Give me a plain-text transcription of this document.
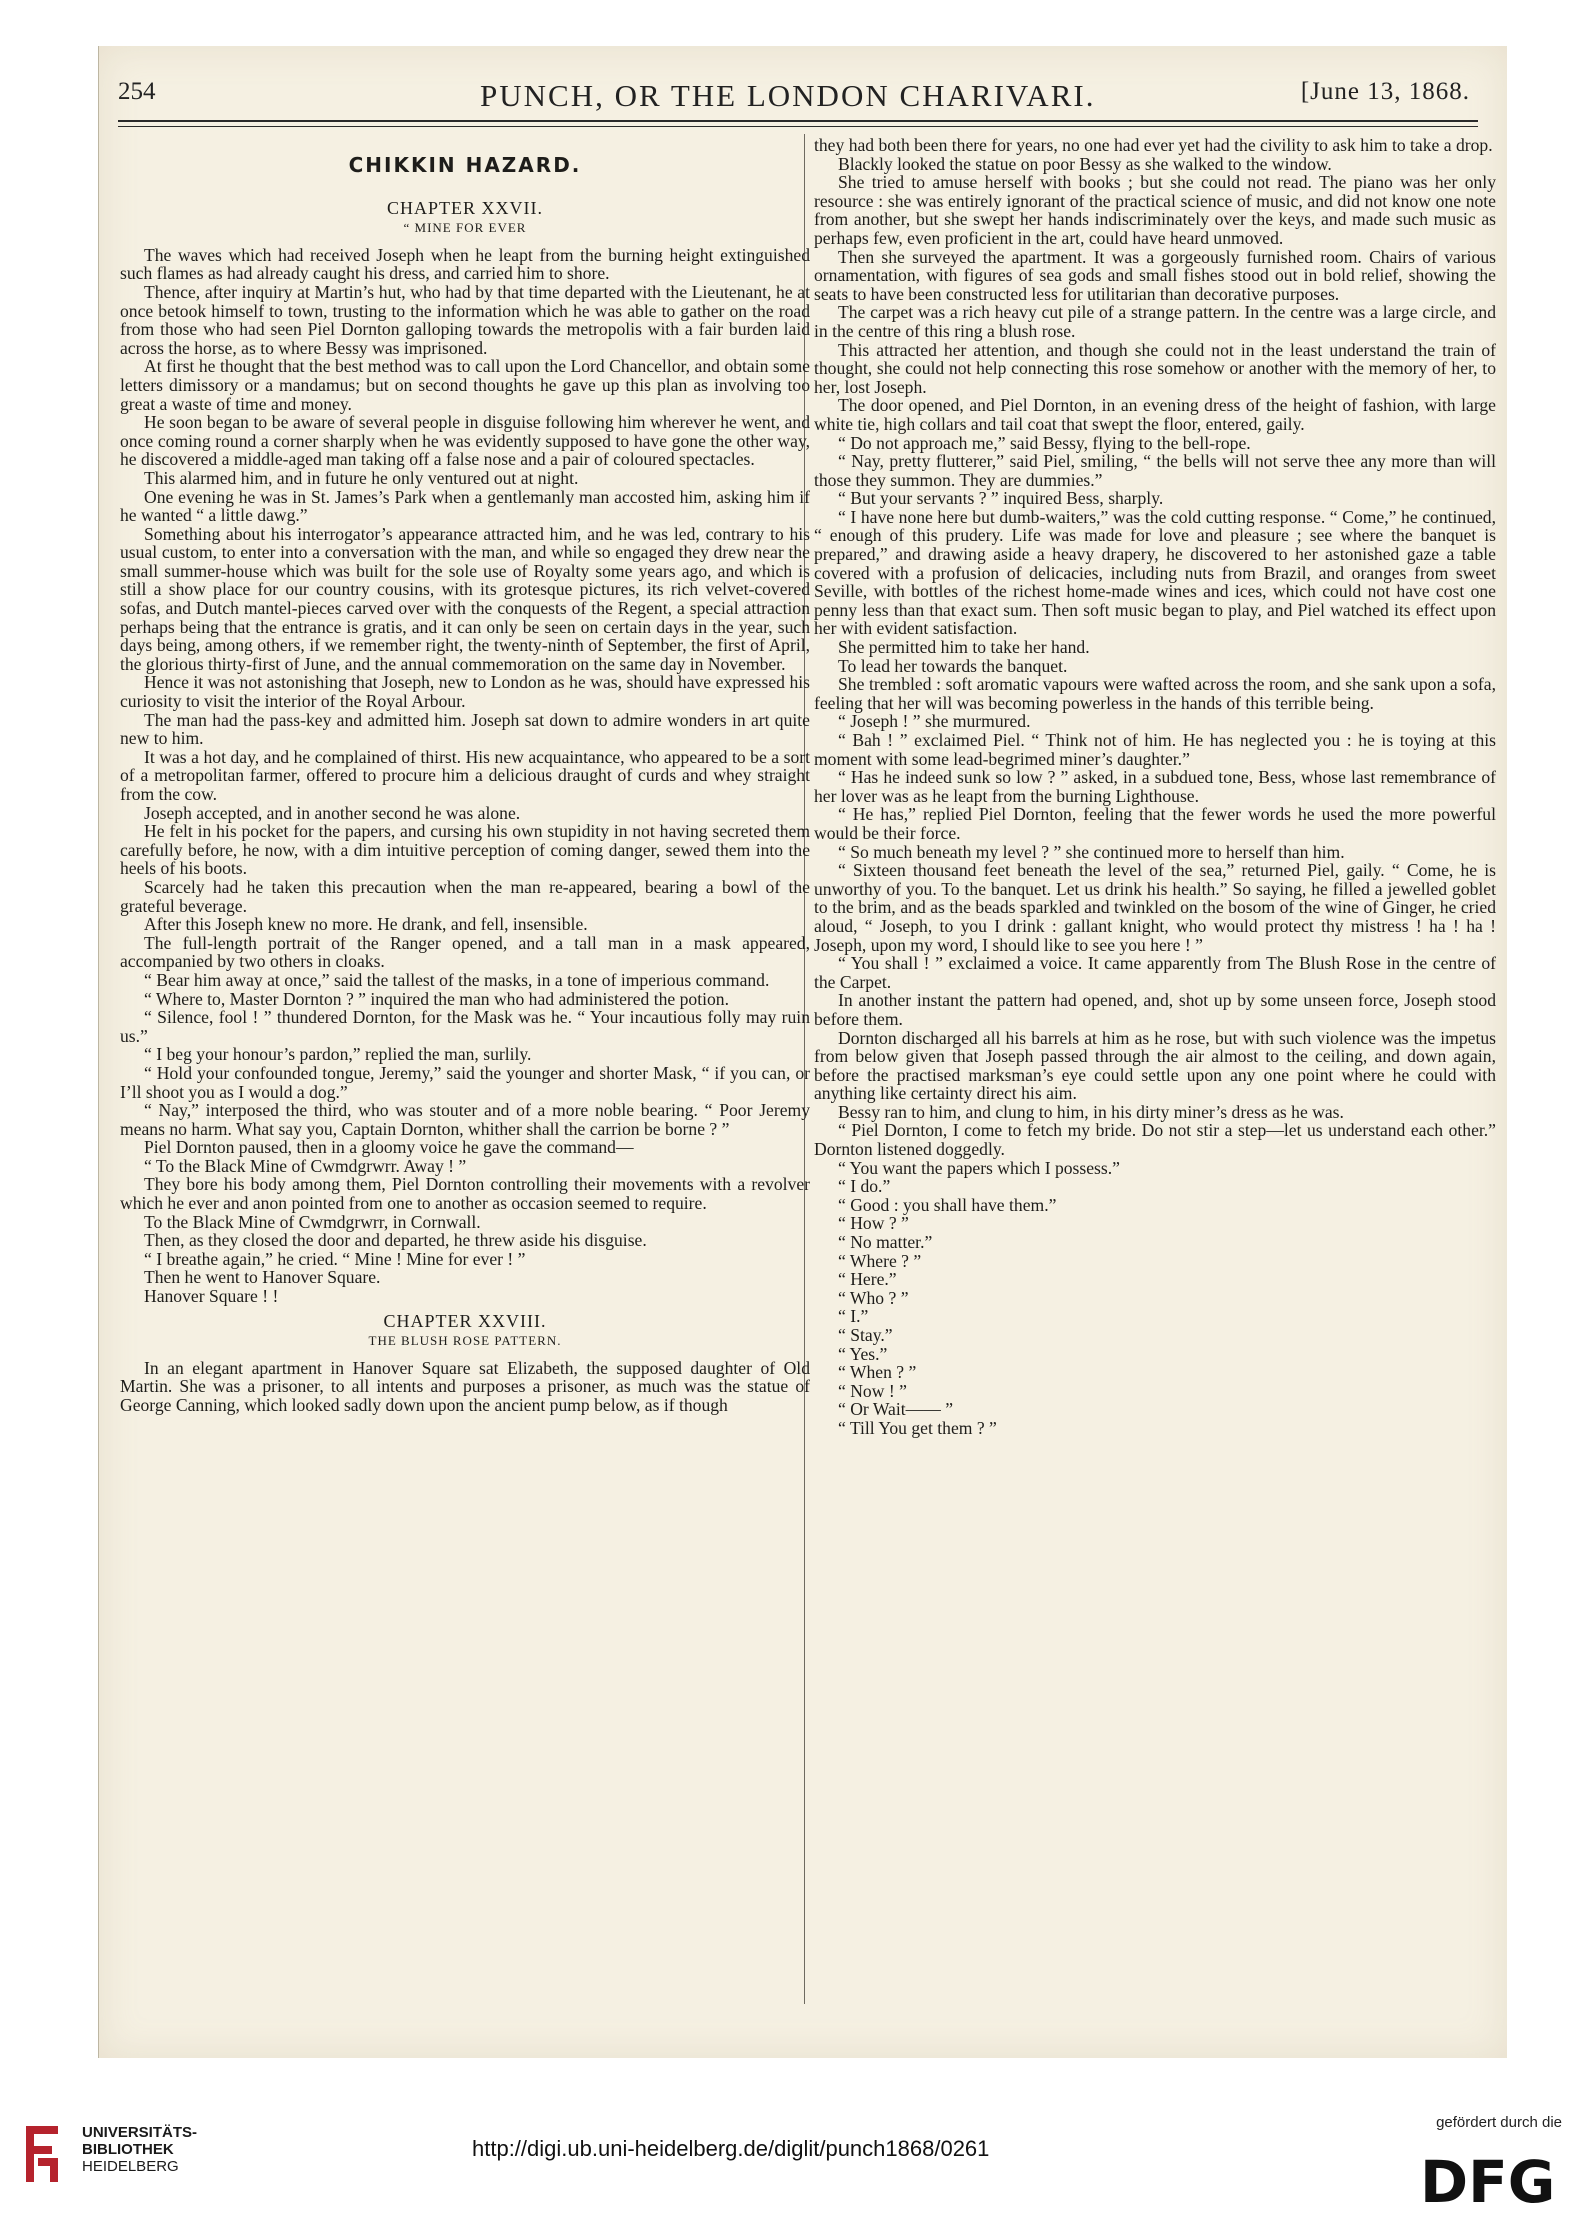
254	PUNCH, OR THE LONDON CHARIVARI.	[June 13, 1868.
CHIKKIN HAZARD.
CHAPTER XXVII.
“ MINE FOR EVER

The waves which had received Joseph when he leapt from the burning height extinguished such flames as had already caught his dress, and carried him to shore.

Thence, after inquiry at Martin’s hut, who had by that time departed with the Lieutenant, he at once betook himself to town, trusting to the information which he was able to gather on the road from those who had seen Piel Dornton galloping towards the metropolis with a fair burden laid across the horse, as to where Bessy was imprisoned.

At first he thought that the best method was to call upon the Lord Chancellor, and obtain some letters dimissory or a mandamus; but on second thoughts he gave up this plan as involving too great a waste of time and money.

He soon began to be aware of several people in disguise following him wherever he went, and once coming round a corner sharply when he was evidently supposed to have gone the other way, he discovered a middle-aged man taking off a false nose and a pair of coloured spectacles.

This alarmed him, and in future he only ventured out at night.

One evening he was in St. James’s Park when a gentlemanly man accosted him, asking him if he wanted “ a little dawg.”

Something about his interrogator’s appearance attracted him, and he was led, contrary to his usual custom, to enter into a conversation with the man, and while so engaged they drew near the small summer-house which was built for the sole use of Royalty some years ago, and which is still a show place for our country cousins, with its grotesque pictures, its rich velvet-covered sofas, and Dutch mantel-pieces carved over with the conquests of the Regent, a special attraction perhaps being that the entrance is gratis, and it can only be seen on certain days in the year, such days being, among others, if we remember right, the twenty-ninth of September, the first of April, the glorious thirty-first of June, and the annual commemoration on the same day in November.

Hence it was not astonishing that Joseph, new to London as he was, should have expressed his curiosity to visit the interior of the Royal Arbour.

The man had the pass-key and admitted him. Joseph sat down to admire wonders in art quite new to him.

It was a hot day, and he complained of thirst. His new acquaintance, who appeared to be a sort of a metropolitan farmer, offered to procure him a delicious draught of curds and whey straight from the cow.

Joseph accepted, and in another second he was alone.

He felt in his pocket for the papers, and cursing his own stupidity in not having secreted them carefully before, he now, with a dim intuitive perception of coming danger, sewed them into the heels of his boots.

Scarcely had he taken this precaution when the man re-appeared, bearing a bowl of the grateful beverage.

After this Joseph knew no more. He drank, and fell, insensible.

The full-length portrait of the Ranger opened, and a tall man in a mask appeared, accompanied by two others in cloaks.

“ Bear him away at once,” said the tallest of the masks, in a tone of imperious command.

“ Where to, Master Dornton ? ” inquired the man who had administered the potion.

“ Silence, fool ! ” thundered Dornton, for the Mask was he. “ Your incautious folly may ruin us.”

“ I beg your honour’s pardon,” replied the man, surlily.

“ Hold your confounded tongue, Jeremy,” said the younger and shorter Mask, “ if you can, or I’ll shoot you as I would a dog.”

“ Nay,” interposed the third, who was stouter and of a more noble bearing. “ Poor Jeremy means no harm. What say you, Captain Dornton, whither shall the carrion be borne ? ”

Piel Dornton paused, then in a gloomy voice he gave the command—

“ To the Black Mine of Cwmdgrwrr. Away ! ”

They bore his body among them, Piel Dornton controlling their movements with a revolver which he ever and anon pointed from one to another as occasion seemed to require.

To the Black Mine of Cwmdgrwrr, in Cornwall.

Then, as they closed the door and departed, he threw aside his disguise.

“ I breathe again,” he cried. “ Mine ! Mine for ever ! ”

Then he went to Hanover Square.

Hanover Square ! !

CHAPTER XXVIII.
THE BLUSH ROSE PATTERN.

In an elegant apartment in Hanover Square sat Elizabeth, the supposed daughter of Old Martin. She was a prisoner, to all intents and purposes a prisoner, as much was the statue of George Canning, which looked sadly down upon the ancient pump below, as if though

they had both been there for years, no one had ever yet had the civility to ask him to take a drop.

Blackly looked the statue on poor Bessy as she walked to the window.

She tried to amuse herself with books ; but she could not read. The piano was her only resource : she was entirely ignorant of the practical science of music, and did not know one note from another, but she swept her hands indiscriminately over the keys, and made such music as perhaps few, even proficient in the art, could have heard unmoved.

Then she surveyed the apartment. It was a gorgeously furnished room. Chairs of various ornamentation, with figures of sea gods and small fishes stood out in bold relief, showing the seats to have been constructed less for utilitarian than decorative purposes.

The carpet was a rich heavy cut pile of a strange pattern. In the centre was a large circle, and in the centre of this ring a blush rose.

This attracted her attention, and though she could not in the least understand the train of thought, she could not help connecting this rose somehow or another with the memory of her, to her, lost Joseph.

The door opened, and Piel Dornton, in an evening dress of the height of fashion, with large white tie, high collars and tail coat that swept the floor, entered, gaily.

“ Do not approach me,” said Bessy, flying to the bell-rope.

“ Nay, pretty flutterer,” said Piel, smiling, “ the bells will not serve thee any more than will those they summon. They are dummies.”

“ But your servants ? ” inquired Bess, sharply.

“ I have none here but dumb-waiters,” was the cold cutting response. “ Come,” he continued, “ enough of this prudery. Life was made for love and pleasure ; see where the banquet is prepared,” and drawing aside a heavy drapery, he discovered to her astonished gaze a table covered with a profusion of delicacies, including nuts from Brazil, and oranges from sweet Seville, with bottles of the richest home-made wines and ices, which could not have cost one penny less than that exact sum. Then soft music began to play, and Piel watched its effect upon her with evident satisfaction.

She permitted him to take her hand.

To lead her towards the banquet.

She trembled : soft aromatic vapours were wafted across the room, and she sank upon a sofa, feeling that her will was becoming powerless in the hands of this terrible being.

“ Joseph ! ” she murmured.

“ Bah ! ” exclaimed Piel. “ Think not of him. He has neglected you : he is toying at this moment with some lead-begrimed miner’s daughter.”

“ Has he indeed sunk so low ? ” asked, in a subdued tone, Bess, whose last remembrance of her lover was as he leapt from the burning Lighthouse.

“ He has,” replied Piel Dornton, feeling that the fewer words he used the more powerful would be their force.

“ So much beneath my level ? ” she continued more to herself than him.

“ Sixteen thousand feet beneath the level of the sea,” returned Piel, gaily. “ Come, he is unworthy of you. To the banquet. Let us drink his health.” So saying, he filled a jewelled goblet to the brim, and as the beads sparkled and twinkled on the bosom of the wine of Ginger, he cried aloud, “ Joseph, to you I drink : gallant knight, who would protect thy mistress ! ha ! ha ! Joseph, upon my word, I should like to see you here ! ”

“ You shall ! ” exclaimed a voice. It came apparently from The Blush Rose in the centre of the Carpet.

In another instant the pattern had opened, and, shot up by some unseen force, Joseph stood before them.

Dornton discharged all his barrels at him as he rose, but with such violence was the impetus from below given that Joseph passed through the air almost to the ceiling, and down again, before the practised marksman’s eye could settle upon any one point where he could with anything like certainty direct his aim.

Bessy ran to him, and clung to him, in his dirty miner’s dress as he was.

“ Piel Dornton, I come to fetch my bride. Do not stir a step—let us understand each other.” Dornton listened doggedly.

“ You want the papers which I possess.”

“ I do.”

“ Good : you shall have them.”

“ How ? ”

“ No matter.”

“ Where ? ”

“ Here.”

“ Who ? ”

“ I.”

“ Stay.”

“ Yes.”

“ When ? ”

“ Now ! ”

“ Or Wait—— ”

“ Till You get them ? ”

UNIVERSITÄTS-
BIBLIOTHEK
HEIDELBERG
http://digi.ub.uni-heidelberg.de/diglit/punch1868/0261
gefördert durch die
DFG
